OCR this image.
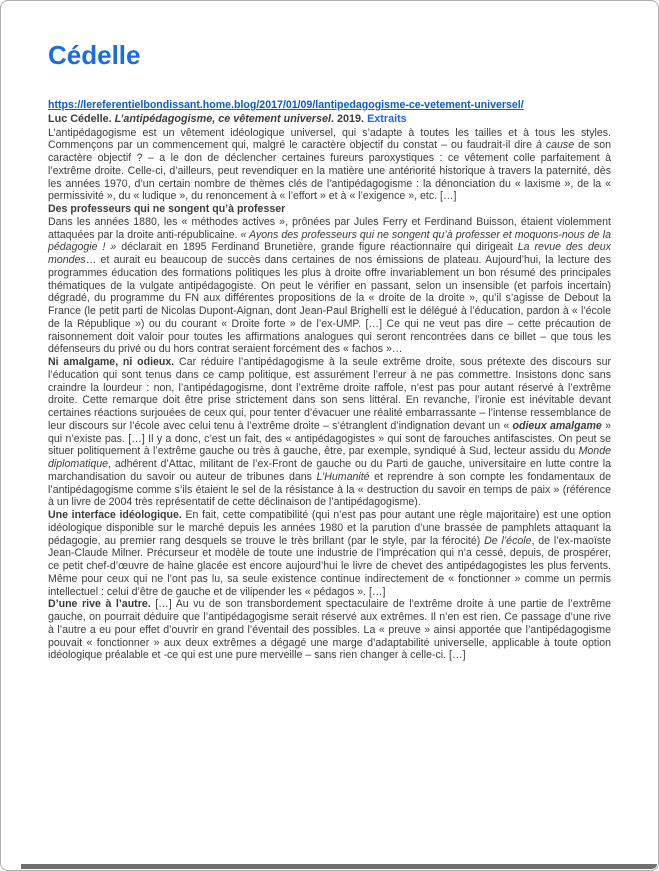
Cédelle
https://lereferentielbondissant.home.blog/2017/01/09/lantipedagogisme-ce-vetement-universel/

Luc Cédelle. L’antipédagogisme, ce vêtement universel. 2019. Extraits

L’antipédagogisme est un vêtement idéologique universel, qui s’adapte à toutes les tailles et à tous les styles. Commençons par un commencement qui, malgré le caractère objectif du constat – ou faudrait-il dire à cause de son caractère objectif ? – a le don de déclencher certaines fureurs paroxystiques : ce vêtement colle parfaitement à l’extrême droite. Celle-ci, d’ailleurs, peut revendiquer en la matière une antériorité historique à travers la paternité, dès les années 1970, d’un certain nombre de thèmes clés de l’antipédagogisme : la dénonciation du « laxisme », de la « permissivité », du « ludique », du renoncement à « l’effort » et à « l’exigence », etc. […]

Des professeurs qui ne songent qu’à professer

Dans les années 1880, les « méthodes actives », prônées par Jules Ferry et Ferdinand Buisson, étaient violemment attaquées par la droite anti-républicaine. « Ayons des professeurs qui ne songent qu’à professer et moquons-nous de la pédagogie ! » déclarait en 1895 Ferdinand Brunetière, grande figure réactionnaire qui dirigeait La revue des deux mondes… et aurait eu beaucoup de succès dans certaines de nos émissions de plateau. Aujourd’hui, la lecture des programmes éducation des formations politiques les plus à droite offre invariablement un bon résumé des principales thématiques de la vulgate antipédagogiste. On peut le vérifier en passant, selon un insensible (et parfois incertain) dégradé, du programme du FN aux différentes propositions de la « droite de la droite », qu’il s’agisse de Debout la France (le petit parti de Nicolas Dupont-Aignan, dont Jean-Paul Brighelli est le délégué à l’éducation, pardon à « l’école de la République ») ou du courant « Droite forte » de l’ex-UMP. […] Ce qui ne veut pas dire – cette précaution de raisonnement doit valoir pour toutes les affirmations analogues qui seront rencontrées dans ce billet – que tous les défenseurs du privé ou du hors contrat seraient forcément des « fachos »…

Ni amalgame, ni odieux. Car réduire l’antipédagogisme à la seule extrême droite, sous prétexte des discours sur l’éducation qui sont tenus dans ce camp politique, est assurément l’erreur à ne pas commettre. Insistons donc sans craindre la lourdeur : non, l’antipédagogisme, dont l’extrême droite raffole, n’est pas pour autant réservé à l’extrême droite. Cette remarque doit être prise strictement dans son sens littéral. En revanche, l’ironie est inévitable devant certaines réactions surjouées de ceux qui, pour tenter d’évacuer une réalité embarrassante – l’intense ressemblance de leur discours sur l’école avec celui tenu à l’extrême droite – s’étranglent d’indignation devant un « odieux amalgame » qui n’existe pas. […] Il y a donc, c’est un fait, des « antipédagogistes » qui sont de farouches antifascistes. On peut se situer politiquement à l’extrême gauche ou très à gauche, être, par exemple, syndiqué à Sud, lecteur assidu du Monde diplomatique, adhérent d’Attac, militant de l’ex-Front de gauche ou du Parti de gauche, universitaire en lutte contre la marchandisation du savoir ou auteur de tribunes dans L’Humanité et reprendre à son compte les fondamentaux de l’antipédagogisme comme s’ils étaient le sel de la résistance à la « destruction du savoir en temps de paix » (référence à un livre de 2004 très représentatif de cette déclinaison de l’antipédagogisme).

Une interface idéologique. En fait, cette compatibilité (qui n’est pas pour autant une règle majoritaire) est une option idéologique disponible sur le marché depuis les années 1980 et la parution d’une brassée de pamphlets attaquant la pédagogie, au premier rang desquels se trouve le très brillant (par le style, par la férocité) De l’école, de l’ex-maoïste Jean-Claude Milner. Précurseur et modèle de toute une industrie de l’imprécation qui n’a cessé, depuis, de prospérer, ce petit chef-d’œuvre de haine glacée est encore aujourd’hui le livre de chevet des antipédagogistes les plus fervents. Même pour ceux qui ne l’ont pas lu, sa seule existence continue indirectement de « fonctionner » comme un permis intellectuel : celui d’être de gauche et de vilipender les « pédagos ». […]

D’une rive à l’autre. […] Au vu de son transbordement spectaculaire de l’extrême droite à une partie de l’extrême gauche, on pourrait déduire que l’antipédagogisme serait réservé aux extrêmes. Il n’en est rien. Ce passage d’une rive à l’autre a eu pour effet d’ouvrir en grand l’éventail des possibles. La « preuve » ainsi apportée que l’antipédagogisme pouvait « fonctionner » aux deux extrêmes a dégagé une marge d’adaptabilité universelle, applicable à toute option idéologique préalable et -ce qui est une pure merveille – sans rien changer à celle-ci. […]
